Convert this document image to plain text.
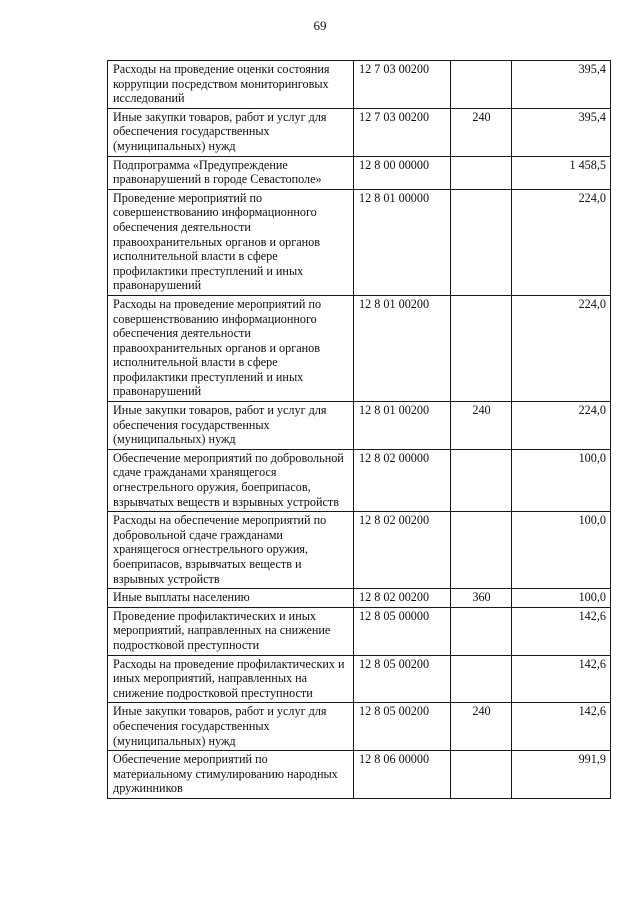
69
Расходы на проведение оценки состояния коррупции посредством мониторинговых исследований	12 7 03 00200			395,4
Иные закупки товаров, работ и услуг для обеспечения государственных (муниципальных) нужд	12 7 03 00200	240		395,4
Подпрограмма «Предупреждение правонарушений в городе Севастополе»	12 8 00 00000			1 458,5
Проведение мероприятий по совершенствованию информационного обеспечения деятельности правоохранительных органов и органов исполнительной власти в сфере профилактики преступлений и иных правонарушений	12 8 01 00000			224,0
Расходы на проведение мероприятий по совершенствованию информационного обеспечения деятельности правоохранительных органов и органов исполнительной власти в сфере профилактики преступлений и иных правонарушений	12 8 01 00200			224,0
Иные закупки товаров, работ и услуг для обеспечения государственных (муниципальных) нужд	12 8 01 00200	240		224,0
Обеспечение мероприятий по добровольной сдаче гражданами хранящегося огнестрельного оружия, боеприпасов, взрывчатых веществ и взрывных устройств	12 8 02 00000			100,0
Расходы на обеспечение мероприятий по добровольной сдаче гражданами хранящегося огнестрельного оружия, боеприпасов, взрывчатых веществ и взрывных устройств	12 8 02 00200			100,0
Иные выплаты населению	12 8 02 00200	360		100,0
Проведение профилактических и иных мероприятий, направленных на снижение подростковой преступности	12 8 05 00000			142,6
Расходы на проведение профилактических и иных мероприятий, направленных на снижение подростковой преступности	12 8 05 00200			142,6
Иные закупки товаров, работ и услуг для обеспечения государственных (муниципальных) нужд	12 8 05 00200	240		142,6
Обеспечение мероприятий по материальному стимулированию народных дружинников	12 8 06 00000			991,9
